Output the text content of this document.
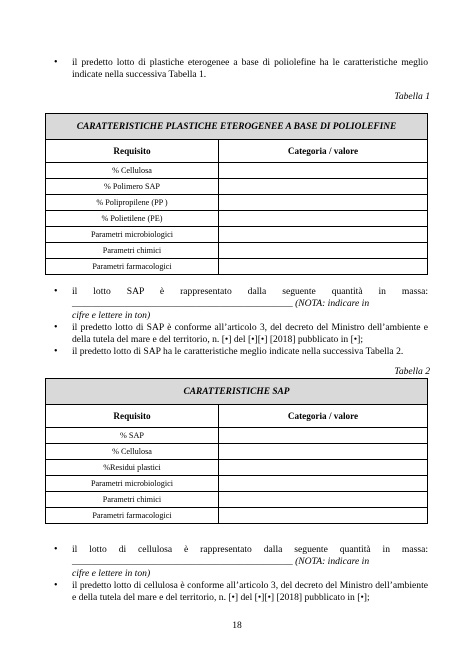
•	il predetto lotto di plastiche eterogenee a base di poliolefine ha le caratteristiche meglio indicate nella successiva Tabella 1.
Tabella 1
CARATTERISTICHE PLASTICHE ETEROGENEE A BASE DI POLIOLEFINE	
Requisito	Categoria / valore
% Cellulosa	
% Polimero SAP	
% Polipropilene (PP )	
% Polietilene (PE)	
Parametri microbiologici	
Parametri chimici	
Parametri farmacologici	
•	il lotto SAP è rappresentato dalla seguente quantità in massa:
______________________________________________ (NOTA: indicare in
cifre e lettere in ton)
•	il predetto lotto di SAP è conforme all’articolo 3, del decreto del Ministro dell’ambiente e della tutela del mare e del territorio, n. [•] del [•][•] [2018] pubblicato in [•];
•	il predetto lotto di SAP ha le caratteristiche meglio indicate nella successiva Tabella 2.
Tabella 2
CARATTERISTICHE SAP	
Requisito	Categoria / valore
% SAP	
% Cellulosa	
%Residui plastici	
Parametri microbiologici	
Parametri chimici	
Parametri farmacologici	
•	il lotto di cellulosa è rappresentato dalla seguente quantità in massa:
______________________________________________ (NOTA: indicare in
cifre e lettere in ton)
•	il predetto lotto di cellulosa è conforme all’articolo 3, del decreto del Ministro dell’ambiente e della tutela del mare e del territorio, n. [•] del [•][•] [2018] pubblicato in [•];
18
